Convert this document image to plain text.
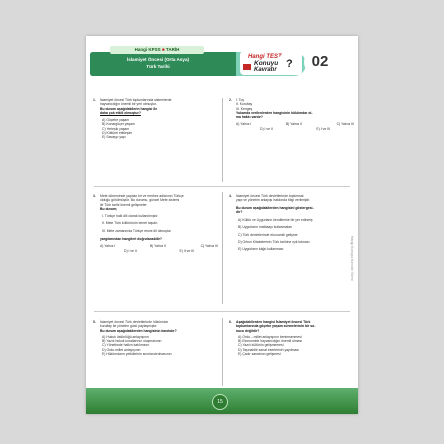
Hangi KPSS ■ TARİH
İslamiyet Öncesi (Orta Asya)
Türk Tarihi
Hangi TEST
Konuyu
Kavratır ?	02
1. İslamiyet öncesi Türk toplumlarında sistemlerde
hayvancılığın önemli bir yeri olmuştur.
Bu durum aşağıdakilerin hangisi ile
daha çok etkili olmuştur?
A) Göçebe yaşam
B) Konargöçer yaşam
C) Yerleşik yaşam
D) Kültürel etkileşim
E) Savaşçı yapı
2. I. Toy
II. Kurultay
III. Kengeş
Yukarıda verilenlerden hangisinin hükümdar ol-
ma hakkı vardır?
A) Yalnız I	B) Yalnız II	C) Yalnız III
D) I ve II	E) I ve III
3. Mete döneminde yapılan bir ve merkez adlarının Türkçe
olduğu görülmüştür. Bu durumu, güncel Mete sistemi
ile Türk tarihi önemli gelişmeler.
Bu durum;
I. Türkçe halk dili olarak kullanılmıştır.
II. Mete Türk kültürünün temel taşıdır.
III. Mete zamanında Türkçe resmi dil olmuştur.
yargılarından hangileri doğrulanabilir?
A) Yalnız I	B) Yalnız II	C) Yalnız III
D) I ve II	E) II ve III
4. İslamiyet öncesi Türk devletlerinde toplumsal
yapı ve yönetim anlayışı hakkında bilgi verilmiştir.
Bu durum aşağıdakilerden hangisini göstergesi-
dir?
A) Kültür ve Uygurların kendilerine bir yer edinmiş
B) Uygurların matbaayı kullanmaları
C) Türk devletlerinde ekonomik gelişme
D) Orhun Kitabelerinin Türk tarihine ışık tutması
E) Uygurların kâğıt kullanması
5. İslamiyet öncesi Türk devletlerinde hükümdar
kurultay ile yönetim gücü paylaşmıştır.
Bu durum aşağıdakilerden hangisinin kanıtıdır?
A) Hukuk üstünlüğü anlayışının
B) Yazılı hukuk kurallarının oluşmasının
C) Yönetimde halkın katılımının
D) Ordu-millet anlayışının
E) Hükümdarın yetkilerinin sınırlandırılmasının
6. Aşağıdakilerden hangisi İslamiyet öncesi Türk
toplumlarında göçebe yaşam sürmelerinin bir so-
nucu değildir?
A) Ordu – millet anlayışının benimsenmesi
B) Ekonomide hayvancılığın önemli olması
C) Yazılı kültürün gelişmemesi
D) Taşınabilir sanat eserlerinin yapılması
E) Çadır sanatının gelişmesi
Hangi Konuyu Kavratır Serisi
15
